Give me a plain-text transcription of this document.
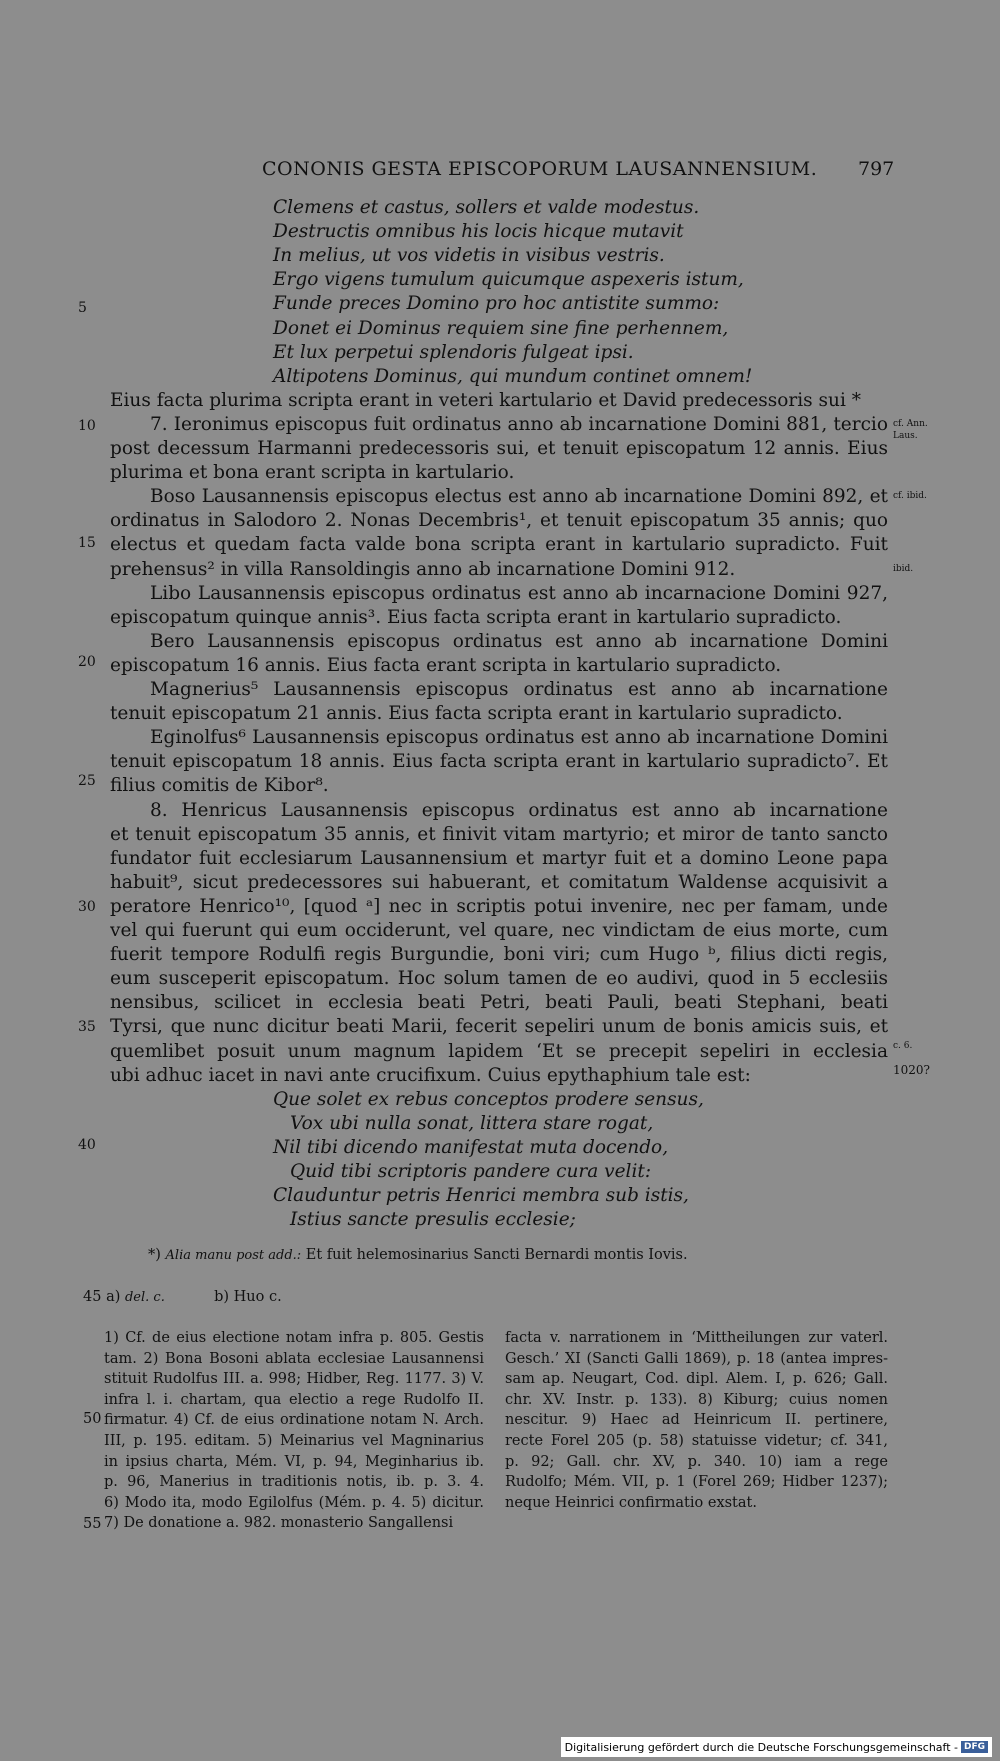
CONONIS GESTA EPISCOPORUM LAUSANNENSIUM. 797
Clemens et castus, sollers et valde modestus.
Destructis omnibus his locis hicque mutavit
In melius, ut vos videtis in visibus vestris.
Ergo vigens tumulum quicumque aspexeris istum,
Funde preces Domino pro hoc antistite summo:
Donet ei Dominus requiem sine fine perhennem,
Et lux perpetui splendoris fulgeat ipsi.
Altipotens Dominus, qui mundum continet omnem!
Eius facta plurima scripta erant in veteri kartulario et David predecessoris sui *
7. Ieronimus episcopus fuit ordinatus anno ab incarnatione Domini 881, tercio
post decessum Harmanni predecessoris sui, et tenuit episcopatum 12 annis. Eius
plurima et bona erant scripta in kartulario.
Boso Lausannensis episcopus electus est anno ab incarnatione Domini 892, et
ordinatus in Salodoro 2. Nonas Decembris¹, et tenuit episcopatum 35 annis; quo
electus et quedam facta valde bona scripta erant in kartulario supradicto. Fuit
prehensus² in villa Ransoldingis anno ab incarnatione Domini 912.
Libo Lausannensis episcopus ordinatus est anno ab incarnacione Domini 927,
episcopatum quinque annis³. Eius facta scripta erant in kartulario supradicto.
Bero Lausannensis episcopus ordinatus est anno ab incarnatione Domini
episcopatum 16 annis. Eius facta erant scripta in kartulario supradicto.
Magnerius⁵ Lausannensis episcopus ordinatus est anno ab incarnatione
tenuit episcopatum 21 annis. Eius facta scripta erant in kartulario supradicto.
Eginolfus⁶ Lausannensis episcopus ordinatus est anno ab incarnatione Domini
tenuit episcopatum 18 annis. Eius facta scripta erant in kartulario supradicto⁷. Et
filius comitis de Kibor⁸.
8. Henricus Lausannensis episcopus ordinatus est anno ab incarnatione
et tenuit episcopatum 35 annis, et finivit vitam martyrio; et miror de tanto sancto
fundator fuit ecclesiarum Lausannensium et martyr fuit et a domino Leone papa
habuit⁹, sicut predecessores sui habuerant, et comitatum Waldense acquisivit a
peratore Henrico¹⁰, [quod ᵃ] nec in scriptis potui invenire, nec per famam, unde
vel qui fuerunt qui eum occiderunt, vel quare, nec vindictam de eius morte, cum
fuerit tempore Rodulfi regis Burgundie, boni viri; cum Hugo ᵇ, filius dicti regis,
eum susceperit episcopatum. Hoc solum tamen de eo audivi, quod in 5 ecclesiis
nensibus, scilicet in ecclesia beati Petri, beati Pauli, beati Stephani, beati
Tyrsi, que nunc dicitur beati Marii, fecerit sepeliri unum de bonis amicis suis, et
quemlibet posuit unum magnum lapidem ‘Et se precepit sepeliri in ecclesia
ubi adhuc iacet in navi ante crucifixum. Cuius epythaphium tale est:
Que solet ex rebus conceptos prodere sensus,
Vox ubi nulla sonat, littera stare rogat,
Nil tibi dicendo manifestat muta docendo,
Quid tibi scriptoris pandere cura velit:
Clauduntur petris Henrici membra sub istis,
Istius sancte presulis ecclesie;
5
10
15
20
25
30
35
40
cf. Ann. Laus.
cf. ibid.
ibid.
c. 6.
1020?
*) Alia manu post add.: Et fuit helemosinarius Sancti Bernardi montis Iovis.
45 a) del. c.	b) Huo c.
1) Cf. de eius electione notam infra p. 805. Gestis
tam. 2) Bona Bosoni ablata ecclesiae Lausannensi
stituit Rudolfus III. a. 998; Hidber, Reg. 1177. 3) V.
infra l. i. chartam, qua electio a rege Rudolfo II.
firmatur. 4) Cf. de eius ordinatione notam N. Arch.
III, p. 195. editam. 5) Meinarius vel Magninarius
in ipsius charta, Mém. VI, p. 94, Meginharius ib.
p. 96, Manerius in traditionis notis, ib. p. 3. 4.
6) Modo ita, modo Egilolfus (Mém. p. 4. 5) dicitur.
7) De donatione a. 982. monasterio Sangallensi
facta v. narrationem in ‘Mittheilungen zur vaterl.
Gesch.’ XI (Sancti Galli 1869), p. 18 (antea impres-
sam ap. Neugart, Cod. dipl. Alem. I, p. 626; Gall.
chr. XV. Instr. p. 133). 8) Kiburg; cuius nomen
nescitur. 9) Haec ad Heinricum II. pertinere,
recte Forel 205 (p. 58) statuisse videtur; cf. 341,
p. 92; Gall. chr. XV, p. 340. 10) iam a rege
Rudolfo; Mém. VII, p. 1 (Forel 269; Hidber 1237);
neque Heinrici confirmatio exstat.
50
55
Digitalisierung gefördert durch die Deutsche Forschungsgemeinschaft - DFG
